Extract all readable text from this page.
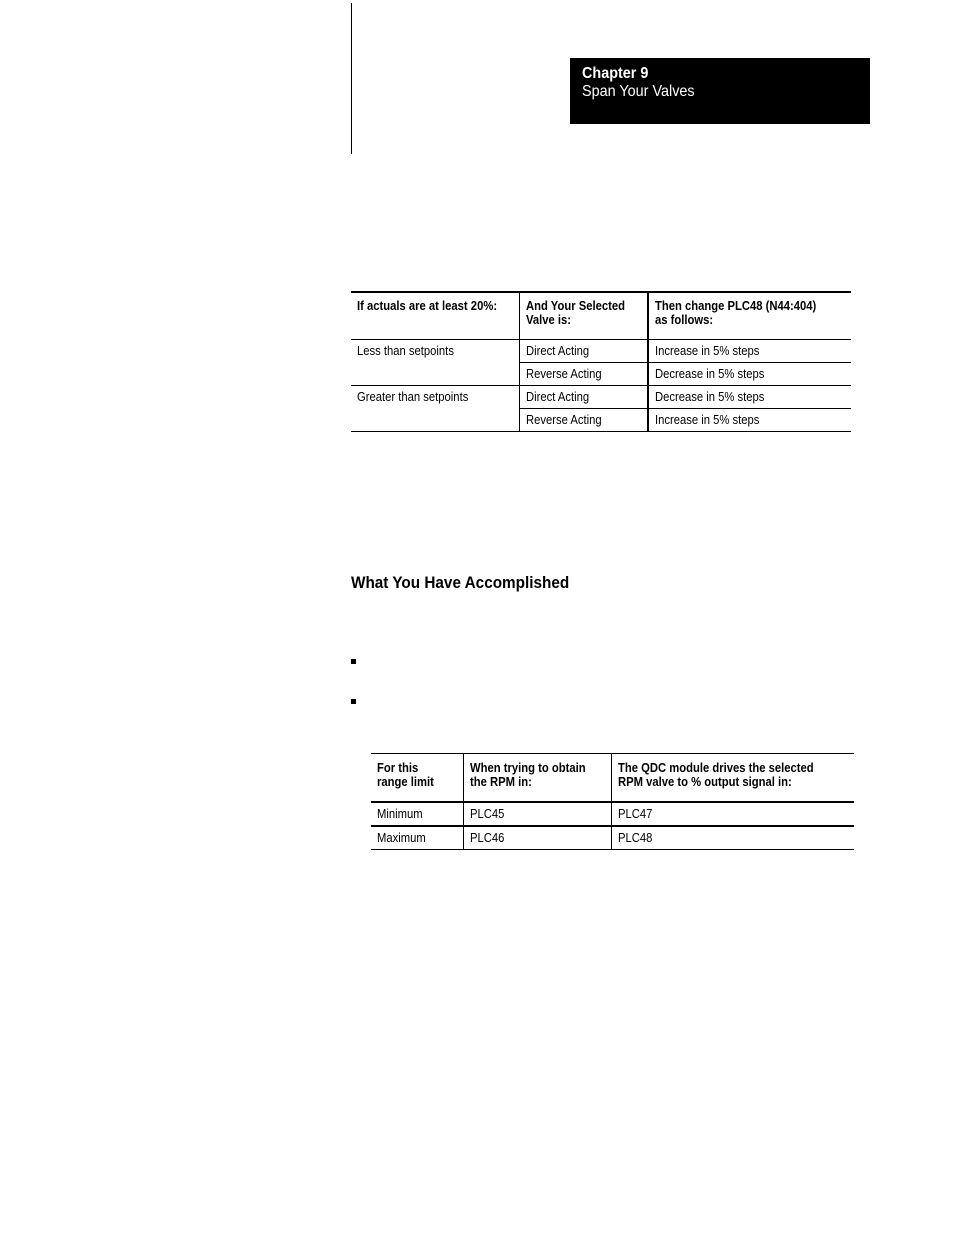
Chapter 9
Span Your Valves
If actuals are at least 20%:	And Your Selected Valve is:	Then change PLC48 (N44:404) as follows:

Less than setpoints	Direct Acting	Increase in 5% steps
	Reverse Acting	Decrease in 5% steps
Greater than setpoints	Direct Acting	Decrease in 5% steps
	Reverse Acting	Increase in 5% steps
What You Have Accomplished
For this range limit	When trying to obtain the RPM in:	The QDC module drives the selected RPM valve to % output signal in:

Minimum	PLC45	PLC47
Maximum	PLC46	PLC48
